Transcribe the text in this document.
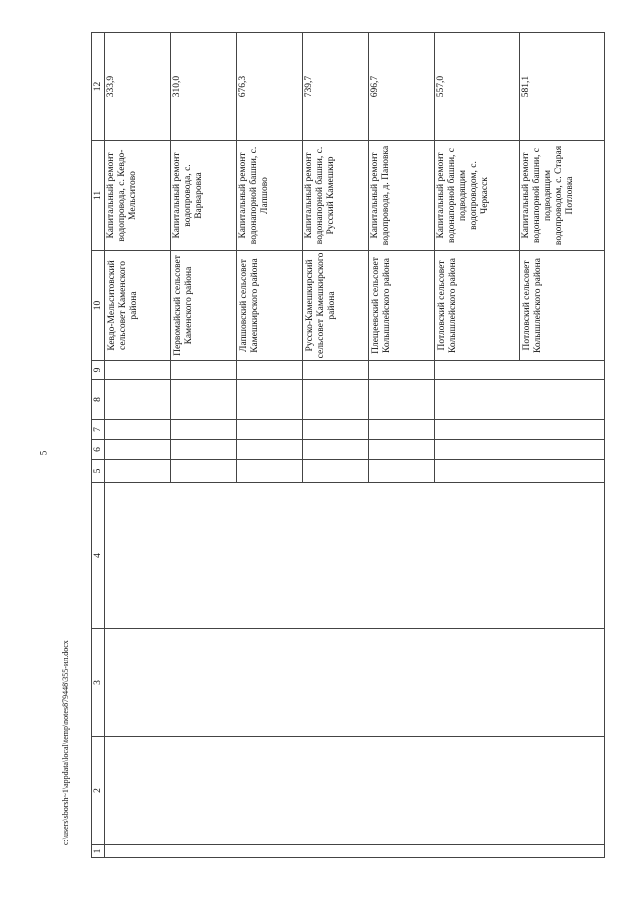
5
c:\users\sborsh~1\appdata\local\temp\notes879448\355-ил.docx
1	2	3	4	5	6	7	8	9	10	11	12
									Кевдо-Мельситовский сельсовет Каменского района	Капитальный ремонт водопровода, с. Кевдо-Мельситово	333,9
									Первомайский сельсовет Каменского района	Капитальный ремонт водопровода, с. Варваровка	310,0
									Лапшовский сельсовет Камешкирского района	Капитальный ремонт водонапорной башни, с. Лапшово	676,3
									Русско-Камешкирский сельсовет Камешкирского района	Капитальный ремонт водонапорной башни, с. Русский Камешкир	739,7
									Плещеевский сельсовет Колышлейского района	Капитальный ремонт водопровода, д. Пановка	696,7
									Потловский сельсовет Колышлейского района	Капитальный ремонт водонапорной башни, с подводящим водопроводом, с. Черкасск	557,0
									Потловский сельсовет Колышлейского района	Капитальный ремонт водонапорной башни, с подводящим водопроводом, с. Старая Потловка	581,1
